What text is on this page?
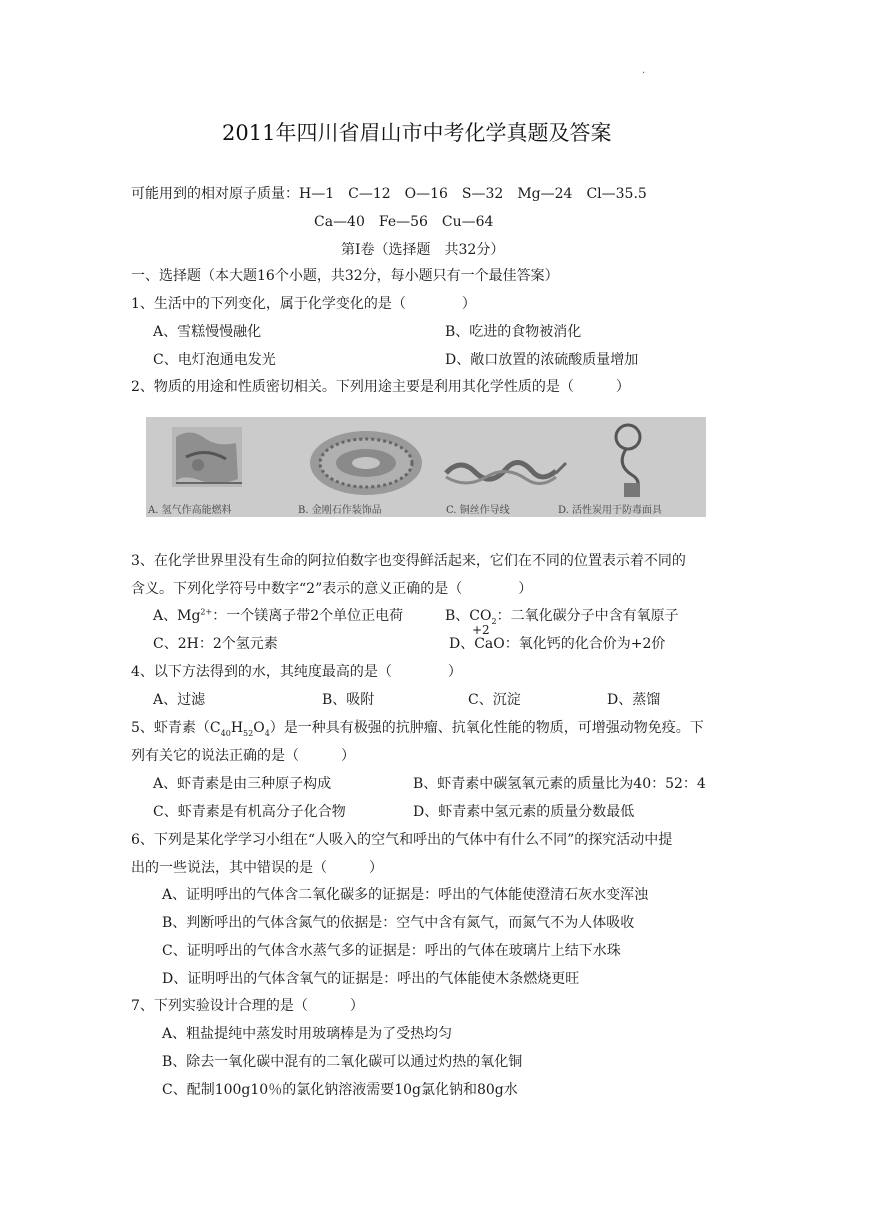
·
2011年四川省眉山市中考化学真题及答案
可能用到的相对原子质量：H—1　C—12　O—16　S—32　Mg—24　Cl—35.5
Ca—40　Fe—56　Cu—64
第Ⅰ卷（选择题　共32分）
一、选择题（本大题16个小题，共32分，每小题只有一个最佳答案）
1、生活中的下列变化，属于化学变化的是（　　　　）
A、雪糕慢慢融化	B、吃进的食物被消化
C、电灯泡通电发光	D、敞口放置的浓硫酸质量增加
2、物质的用途和性质密切相关。下列用途主要是利用其化学性质的是（　　　）
A. 氢气作高能燃料	B. 金刚石作装饰品	C. 铜丝作导线	D. 活性炭用于防毒面具
3、在化学世界里没有生命的阿拉伯数字也变得鲜活起来，它们在不同的位置表示着不同的
含义。下列化学符号中数字“2”表示的意义正确的是（　　　　）
A、$Mg^{2+}$：一个镁离子带2个单位正电荷	B、$CO_2$：二氧化碳分子中含有氧原子
+2
C、2H：2个氢元素	D、CaO：氧化钙的化合价为+2价
4、以下方法得到的水，其纯度最高的是（　　　　）
A、过滤	B、吸附	C、沉淀	D、蒸馏
5、虾青素$(C_{40}H_{52}O_4)$是一种具有极强的抗肿瘤、抗氧化性能的物质，可增强动物免疫。下
列有关它的说法正确的是（　　　）
A、虾青素是由三种原子构成	B、虾青素中碳氢氧元素的质量比为40：52：4
C、虾青素是有机高分子化合物	D、虾青素中氢元素的质量分数最低
6、下列是某化学学习小组在“人吸入的空气和呼出的气体中有什么不同”的探究活动中提
出的一些说法，其中错误的是（　　　）
A、证明呼出的气体含二氧化碳多的证据是：呼出的气体能使澄清石灰水变浑浊
B、判断呼出的气体含氮气的依据是：空气中含有氮气，而氮气不为人体吸收
C、证明呼出的气体含水蒸气多的证据是：呼出的气体在玻璃片上结下水珠
D、证明呼出的气体含氧气的证据是：呼出的气体能使木条燃烧更旺
7、下列实验设计合理的是（　　　）
A、粗盐提纯中蒸发时用玻璃棒是为了受热均匀
B、除去一氧化碳中混有的二氧化碳可以通过灼热的氧化铜
C、配制100g10％的氯化钠溶液需要10g氯化钠和80g水
